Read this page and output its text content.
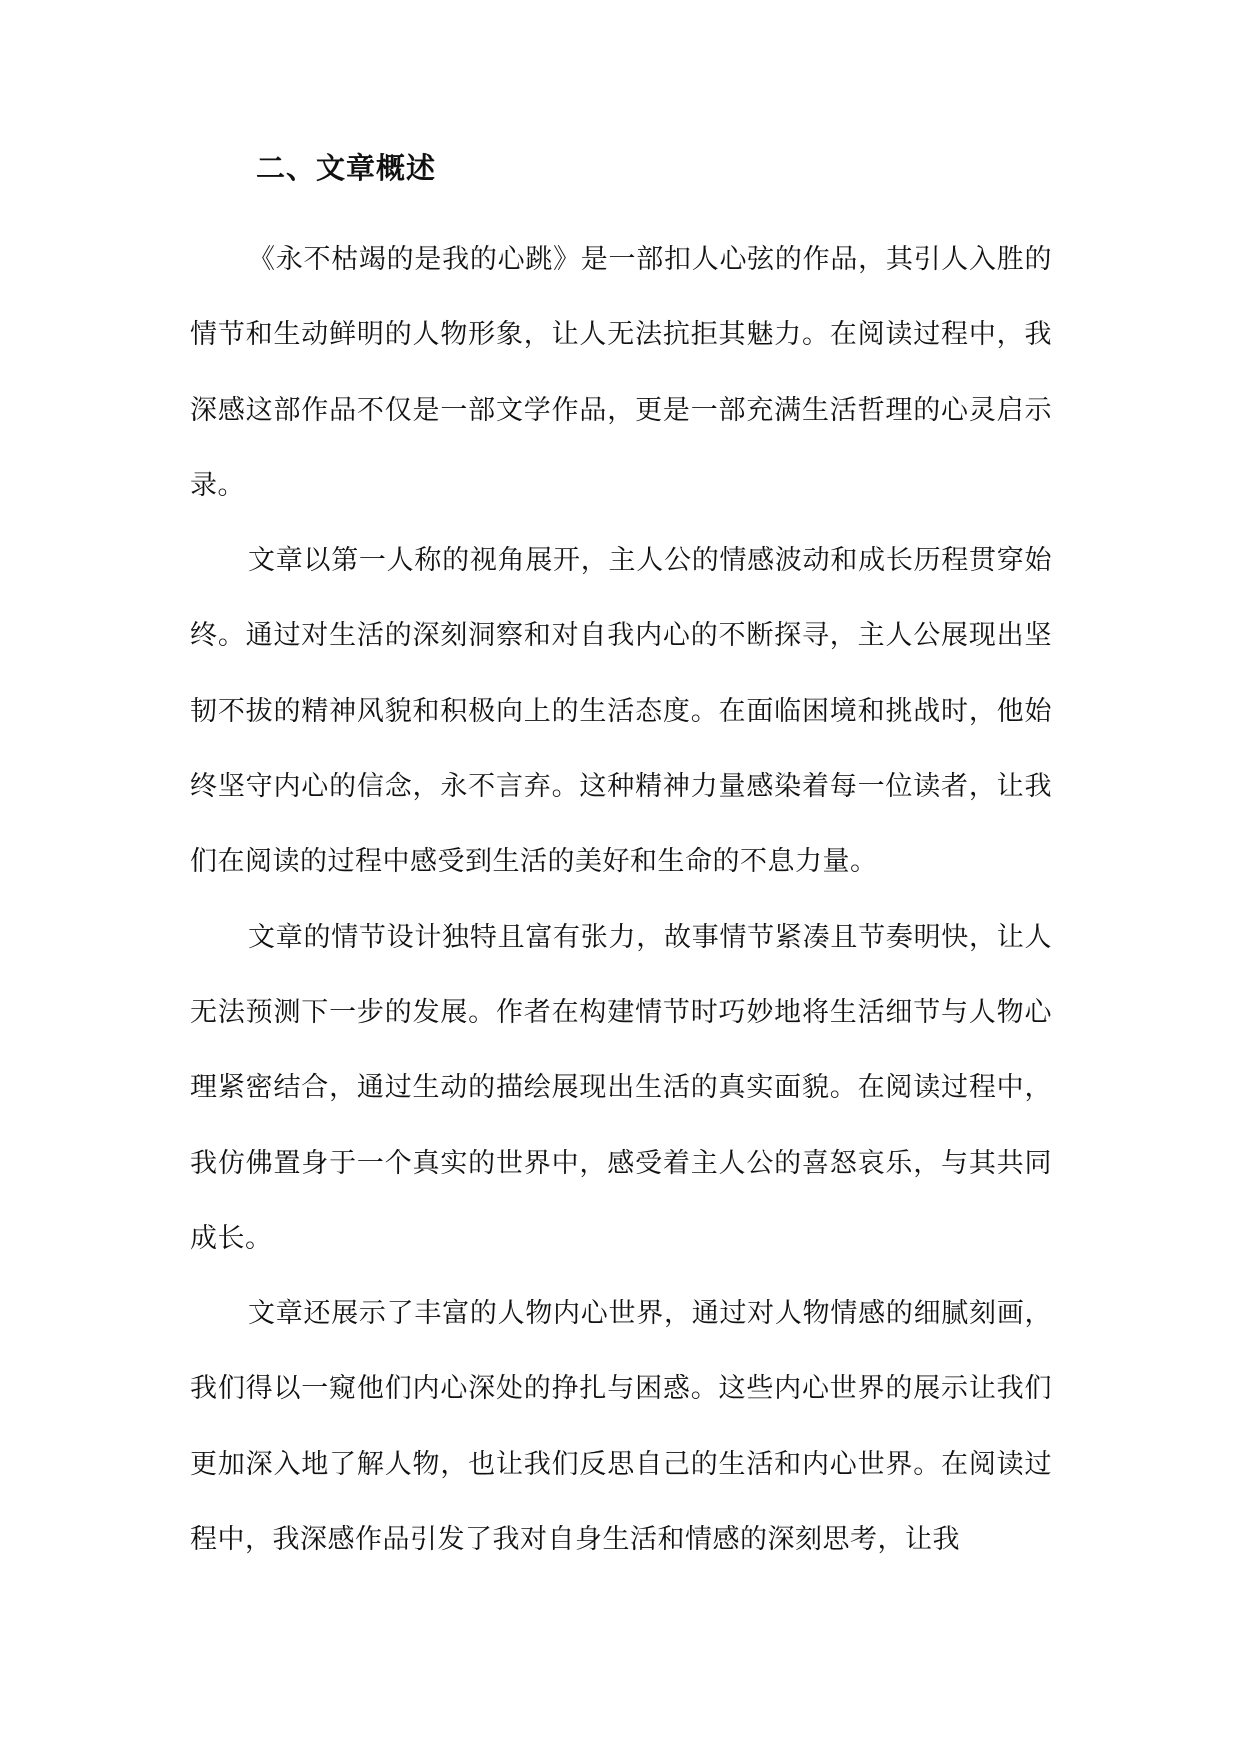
二、文章概述

《永不枯竭的是我的心跳》是一部扣人心弦的作品，其引人入胜的情节和生动鲜明的人物形象，让人无法抗拒其魅力。在阅读过程中，我深感这部作品不仅是一部文学作品，更是一部充满生活哲理的心灵启示录。

文章以第一人称的视角展开，主人公的情感波动和成长历程贯穿始终。通过对生活的深刻洞察和对自我内心的不断探寻，主人公展现出坚韧不拔的精神风貌和积极向上的生活态度。在面临困境和挑战时，他始终坚守内心的信念，永不言弃。这种精神力量感染着每一位读者，让我们在阅读的过程中感受到生活的美好和生命的不息力量。

文章的情节设计独特且富有张力，故事情节紧凑且节奏明快，让人无法预测下一步的发展。作者在构建情节时巧妙地将生活细节与人物心理紧密结合，通过生动的描绘展现出生活的真实面貌。在阅读过程中，我仿佛置身于一个真实的世界中，感受着主人公的喜怒哀乐，与其共同成长。

文章还展示了丰富的人物内心世界，通过对人物情感的细腻刻画，我们得以一窥他们内心深处的挣扎与困惑。这些内心世界的展示让我们更加深入地了解人物，也让我们反思自己的生活和内心世界。在阅读过程中，我深感作品引发了我对自身生活和情感的深刻思考，让我
